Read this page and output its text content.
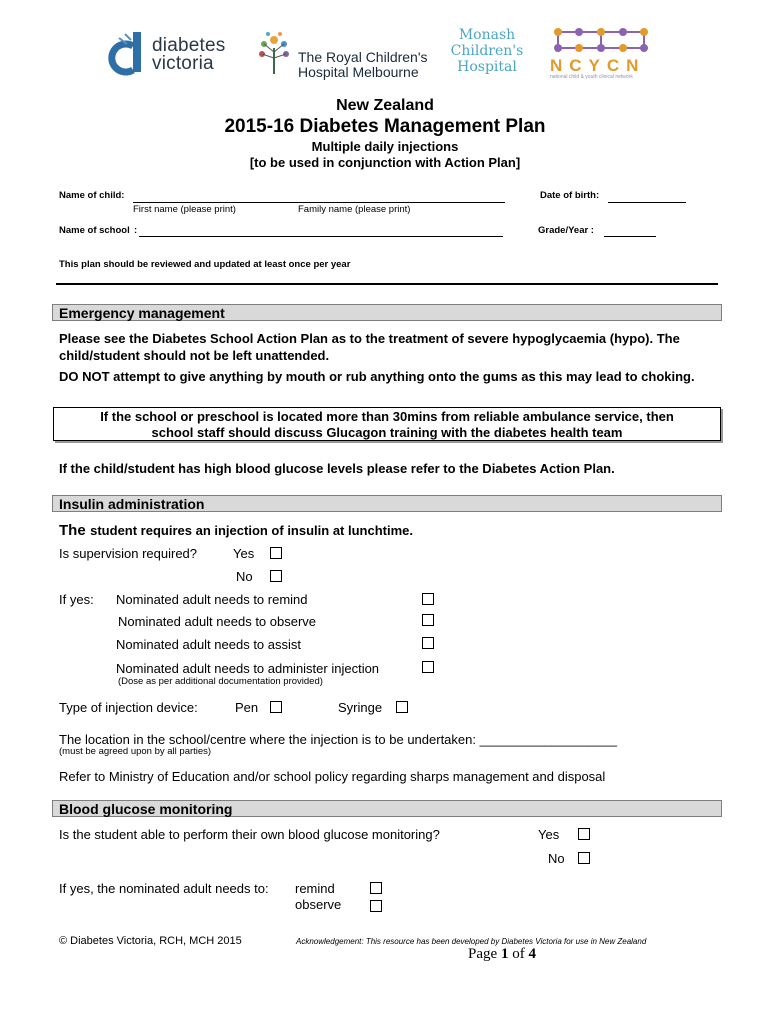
diabetes
victoria	The Royal Children's
Hospital Melbourne
Monash
Children's
Hospital	NCYCN
national child & youth clinical network
New Zealand
2015-16 Diabetes Management Plan
Multiple daily injections
[to be used in conjunction with Action Plan]
Name of child:
First name (please print)	Family name (please print)
Date of birth:
Name of school :	Grade/Year :
This plan should be reviewed and updated at least once per year
Emergency management
Please see the Diabetes School Action Plan as to the treatment of severe hypoglycaemia (hypo). The child/student should not be left unattended.
DO NOT attempt to give anything by mouth or rub anything onto the gums as this may lead to choking.
If the school or preschool is located more than 30mins from reliable ambulance service, then
school staff should discuss Glucagon training with the diabetes health team
If the child/student has high blood glucose levels please refer to the Diabetes Action Plan.
Insulin administration
The student requires an injection of insulin at lunchtime.
Is supervision required?	Yes
No
If yes: Nominated adult needs to remind
Nominated adult needs to observe
Nominated adult needs to assist
Nominated adult needs to administer injection
(Dose as per additional documentation provided)
Type of injection device:	Pen	Syringe
The location in the school/centre where the injection is to be undertaken: ___________________
(must be agreed upon by all parties)
Refer to Ministry of Education and/or school policy regarding sharps management and disposal
Blood glucose monitoring
Is the student able to perform their own blood glucose monitoring?	Yes
No
If yes, the nominated adult needs to: remind
observe
© Diabetes Victoria, RCH, MCH 2015	Acknowledgement: This resource has been developed by Diabetes Victoria for use in New Zealand
Page 1 of 4
